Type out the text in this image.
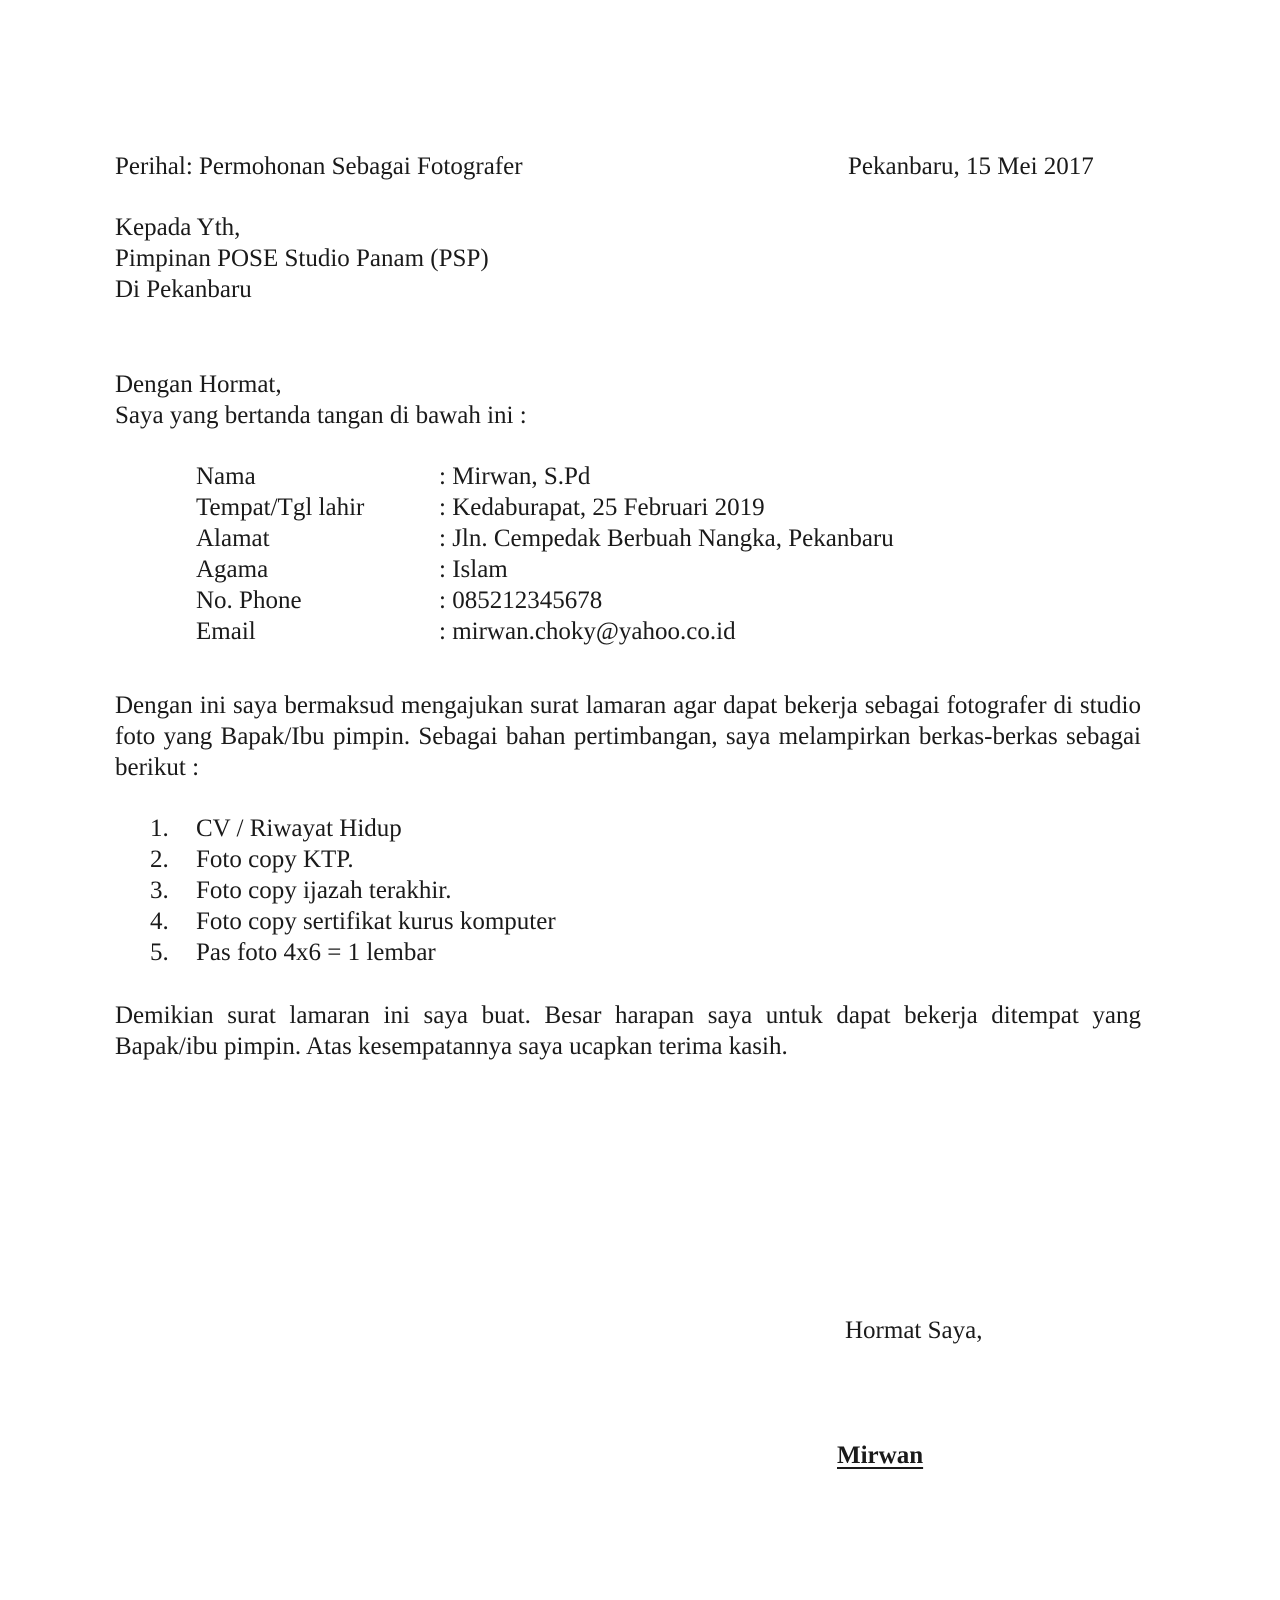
Perihal: Permohonan Sebagai Fotografer	Pekanbaru, 15 Mei 2017
Kepada Yth,
Pimpinan POSE Studio Panam (PSP)
Di Pekanbaru
Dengan Hormat,
Saya yang bertanda tangan di bawah ini :
Nama	: Mirwan, S.Pd
Tempat/Tgl lahir	: Kedaburapat, 25 Februari 2019
Alamat	: Jln. Cempedak Berbuah Nangka, Pekanbaru
Agama	: Islam
No. Phone	: 085212345678
Email	: mirwan.choky@yahoo.co.id
Dengan ini saya bermaksud mengajukan surat lamaran agar dapat bekerja sebagai fotografer di studio foto yang Bapak/Ibu pimpin. Sebagai bahan pertimbangan, saya melampirkan berkas-berkas sebagai berikut :
1.	CV / Riwayat Hidup
2.	Foto copy KTP.
3.	Foto copy ijazah terakhir.
4.	Foto copy sertifikat kurus komputer
5.	Pas foto 4x6 = 1 lembar
Demikian surat lamaran ini saya buat. Besar harapan saya untuk dapat bekerja ditempat yang Bapak/ibu pimpin. Atas kesempatannya saya ucapkan terima kasih.
Hormat Saya,
Mirwan
